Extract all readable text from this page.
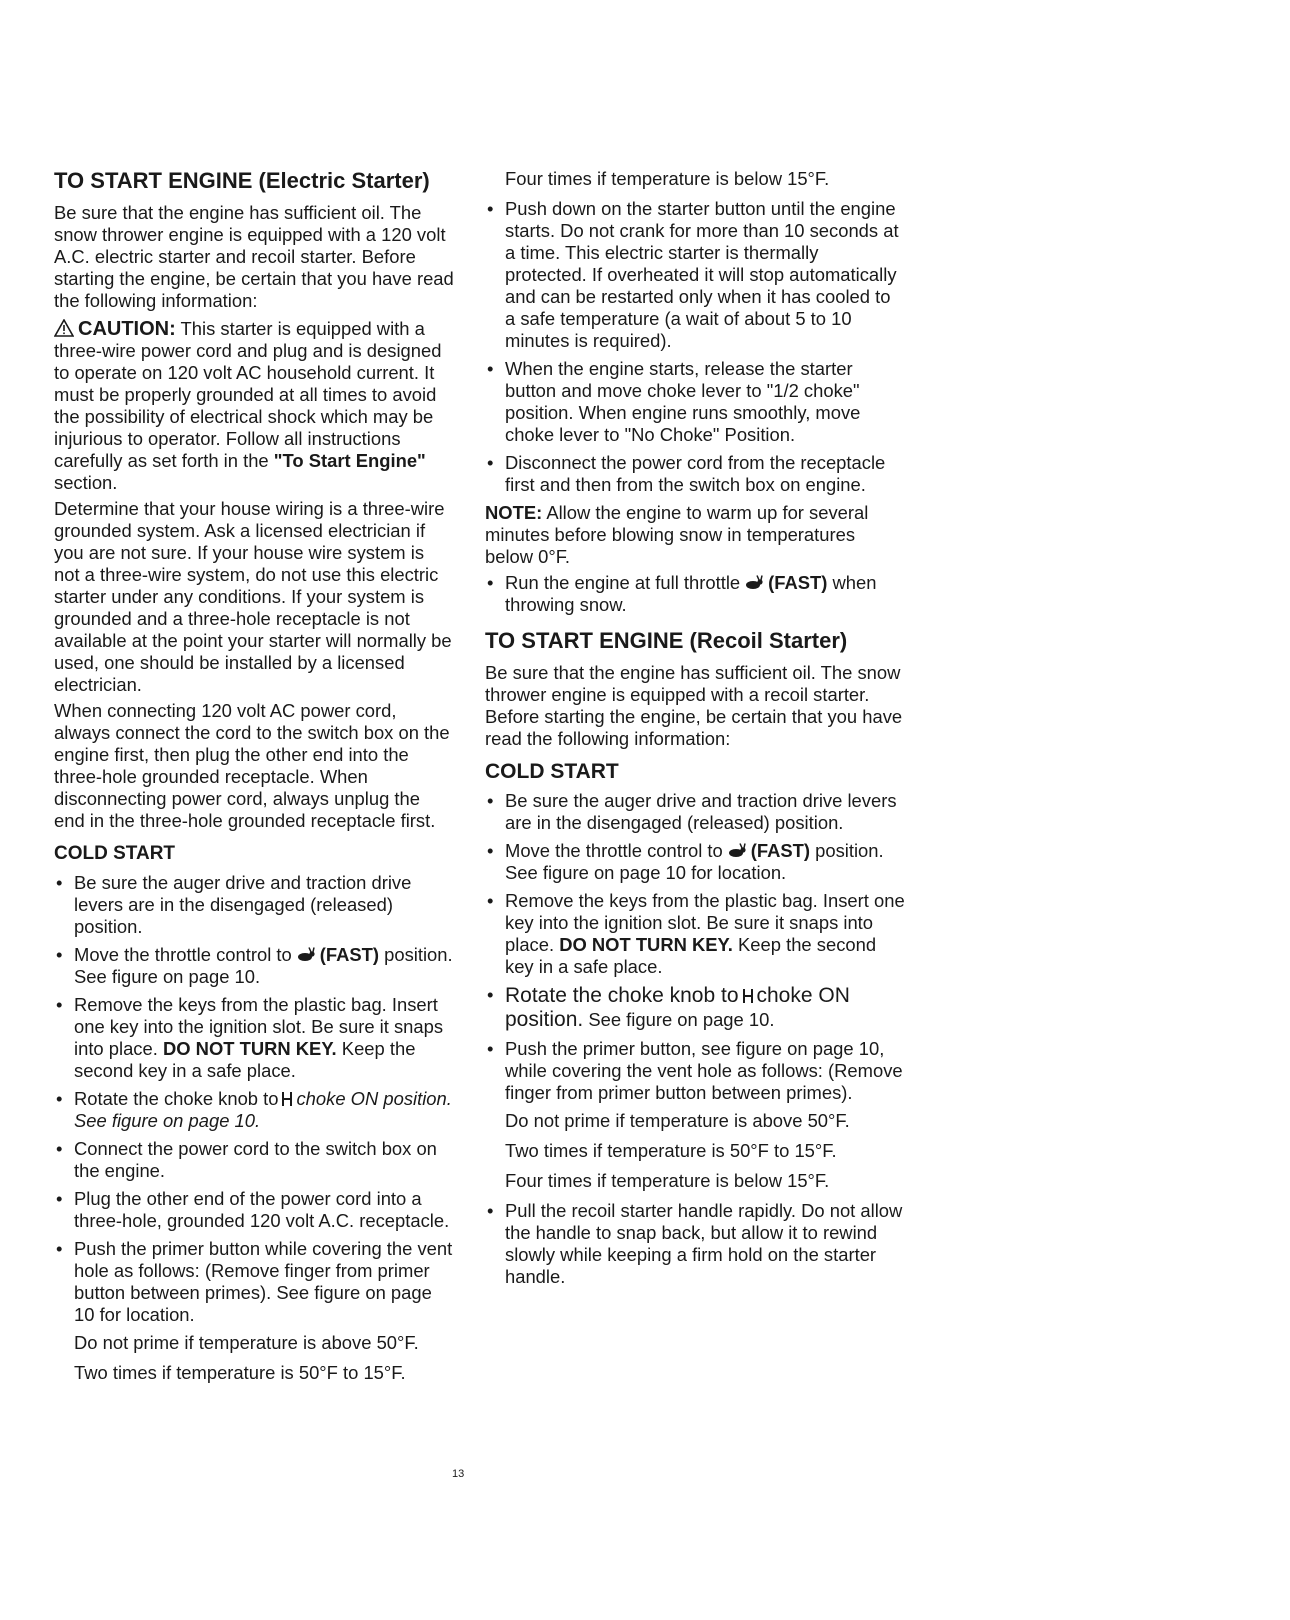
TO START ENGINE (Electric Starter)

Be sure that the engine has sufficient oil. The snow thrower engine is equipped with a 120 volt A.C. electric starter and recoil starter. Before starting the engine, be certain that you have read the following information:

CAUTION: This starter is equipped with a three-wire power cord and plug and is designed to operate on 120 volt AC household current. It must be properly grounded at all times to avoid the possibility of electrical shock which may be injurious to operator. Follow all instructions carefully as set forth in the "To Start Engine" section.

Determine that your house wiring is a three-wire grounded system. Ask a licensed electrician if you are not sure. If your house wire system is not a three-wire system, do not use this electric starter under any conditions. If your system is grounded and a three-hole receptacle is not available at the point your starter will normally be used, one should be installed by a licensed electrician.

When connecting 120 volt AC power cord, always connect the cord to the switch box on the engine first, then plug the other end into the three-hole grounded receptacle. When disconnecting power cord, always unplug the end in the three-hole grounded receptacle first.

COLD START
• Be sure the auger drive and traction drive levers are in the disengaged (released) position.
• Move the throttle control to (FAST) position. See figure on page 10.
• Remove the keys from the plastic bag. Insert one key into the ignition slot. Be sure it snaps into place. DO NOT TURN KEY. Keep the second key in a safe place.
• Rotate the choke knob to choke ON position. See figure on page 10.
• Connect the power cord to the switch box on the engine.
• Plug the other end of the power cord into a three-hole, grounded 120 volt A.C. receptacle.
• Push the primer button while covering the vent hole as follows: (Remove finger from primer button between primes). See figure on page 10 for location.

Do not prime if temperature is above 50°F.

Two times if temperature is 50°F to 15°F.

Four times if temperature is below 15°F.

• Push down on the starter button until the engine starts. Do not crank for more than 10 seconds at a time. This electric starter is thermally protected. If overheated it will stop automatically and can be restarted only when it has cooled to a safe temperature (a wait of about 5 to 10 minutes is required).
• When the engine starts, release the starter button and move choke lever to "1/2 choke" position. When engine runs smoothly, move choke lever to "No Choke" Position.
• Disconnect the power cord from the receptacle first and then from the switch box on engine.

NOTE: Allow the engine to warm up for several minutes before blowing snow in temperatures below 0°F.

• Run the engine at full throttle (FAST) when throwing snow.
TO START ENGINE (Recoil Starter)

Be sure that the engine has sufficient oil. The snow thrower engine is equipped with a recoil starter. Before starting the engine, be certain that you have read the following information:

COLD START
• Be sure the auger drive and traction drive levers are in the disengaged (released) position.
• Move the throttle control to (FAST) position. See figure on page 10 for location.
• Remove the keys from the plastic bag. Insert one key into the ignition slot. Be sure it snaps into place. DO NOT TURN KEY. Keep the second key in a safe place.
• Rotate the choke knob to choke ON position. See figure on page 10.
• Push the primer button, see figure on page 10, while covering the vent hole as follows: (Remove finger from primer button between primes).

Do not prime if temperature is above 50°F.

Two times if temperature is 50°F to 15°F.

Four times if temperature is below 15°F.

• Pull the recoil starter handle rapidly. Do not allow the handle to snap back, but allow it to rewind slowly while keeping a firm hold on the starter handle.
13
